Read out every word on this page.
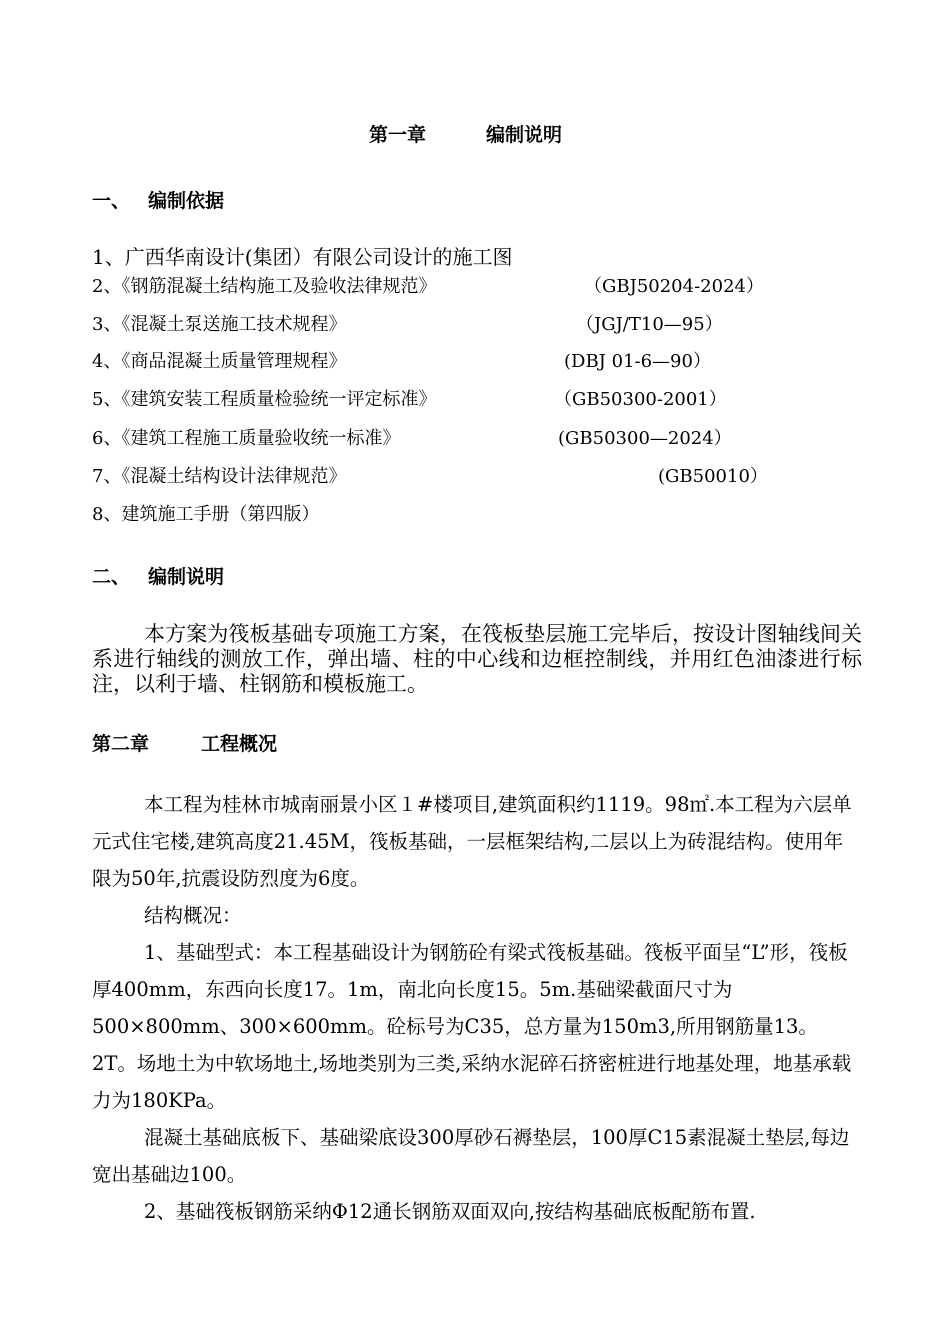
第一章	编制说明
一、 编制依据
1、广西华南设计(集团）有限公司设计的施工图
2、《钢筋混凝土结构施工及验收法律规范》	（GBJ50204-2024）
3、《混凝土泵送施工技术规程》	（JGJ/T10—95）
4、《商品混凝土质量管理规程》	(DBJ 01-6—90）
5、《建筑安装工程质量检验统一评定标准》	（GB50300-2001）
6、《建筑工程施工质量验收统一标准》	(GB50300—2024）
7、《混凝土结构设计法律规范》	(GB50010）
8、建筑施工手册（第四版）
二、 编制说明
本方案为筏板基础专项施工方案，在筏板垫层施工完毕后，按设计图轴线间关系进行轴线的测放工作，弹出墙、柱的中心线和边框控制线，并用红色油漆进行标注，以利于墙、柱钢筋和模板施工。
第二章	工程概况
本工程为桂林市城南丽景小区１#楼项目,建筑面积约1119。98㎡.本工程为六层单元式住宅楼,建筑高度21.45M，筏板基础，一层框架结构,二层以上为砖混结构。使用年限为50年,抗震设防烈度为6度。
结构概况：
1、基础型式：本工程基础设计为钢筋砼有梁式筏板基础。筏板平面呈“L”形，筏板厚400mm，东西向长度17。1m，南北向长度15。5m.基础梁截面尺寸为500×800mm、300×600mm。砼标号为C35，总方量为150m3,所用钢筋量13。2T。场地土为中软场地土,场地类别为三类,采纳水泥碎石挤密桩进行地基处理，地基承载力为180KPa。
混凝土基础底板下、基础梁底设300厚砂石褥垫层，100厚C15素混凝土垫层,每边宽出基础边100。
2、基础筏板钢筋采纳Φ12通长钢筋双面双向,按结构基础底板配筋布置.
